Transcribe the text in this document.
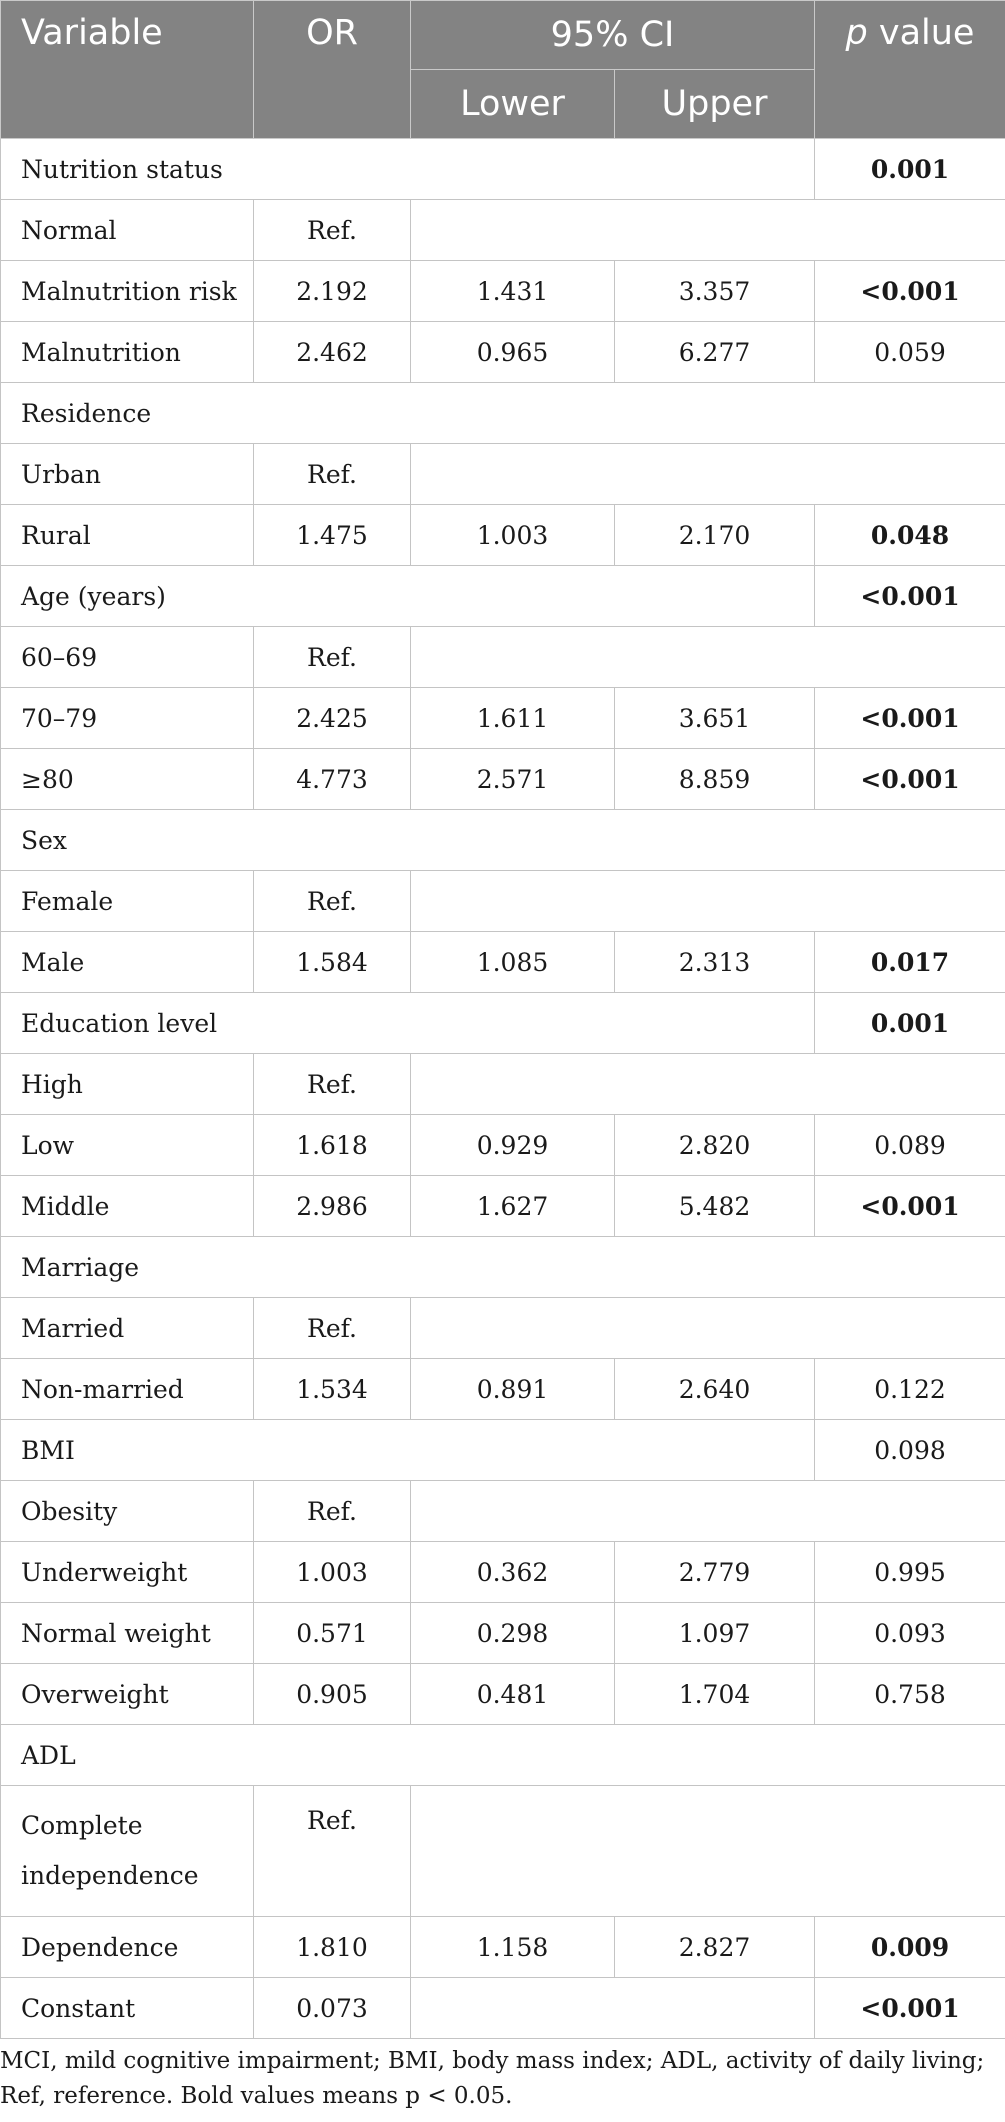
Variable	OR	95% CI		p value
		Lower	Upper	
Nutrition status				0.001
Normal	Ref.			
Malnutrition risk	2.192	1.431	3.357	<0.001
Malnutrition	2.462	0.965	6.277	0.059
Residence				
Urban	Ref.			
Rural	1.475	1.003	2.170	0.048
Age (years)				<0.001
60–69	Ref.			
70–79	2.425	1.611	3.651	<0.001
≥80	4.773	2.571	8.859	<0.001
Sex				
Female	Ref.			
Male	1.584	1.085	2.313	0.017
Education level				0.001
High	Ref.			
Low	1.618	0.929	2.820	0.089
Middle	2.986	1.627	5.482	<0.001
Marriage				
Married	Ref.			
Non-married	1.534	0.891	2.640	0.122
BMI				0.098
Obesity	Ref.			
Underweight	1.003	0.362	2.779	0.995
Normal weight	0.571	0.298	1.097	0.093
Overweight	0.905	0.481	1.704	0.758
ADL				
Complete independence	Ref.			
Dependence	1.810	1.158	2.827	0.009
Constant	0.073			<0.001
MCI, mild cognitive impairment; BMI, body mass index; ADL, activity of daily living; Ref, reference. Bold values means p < 0.05.
